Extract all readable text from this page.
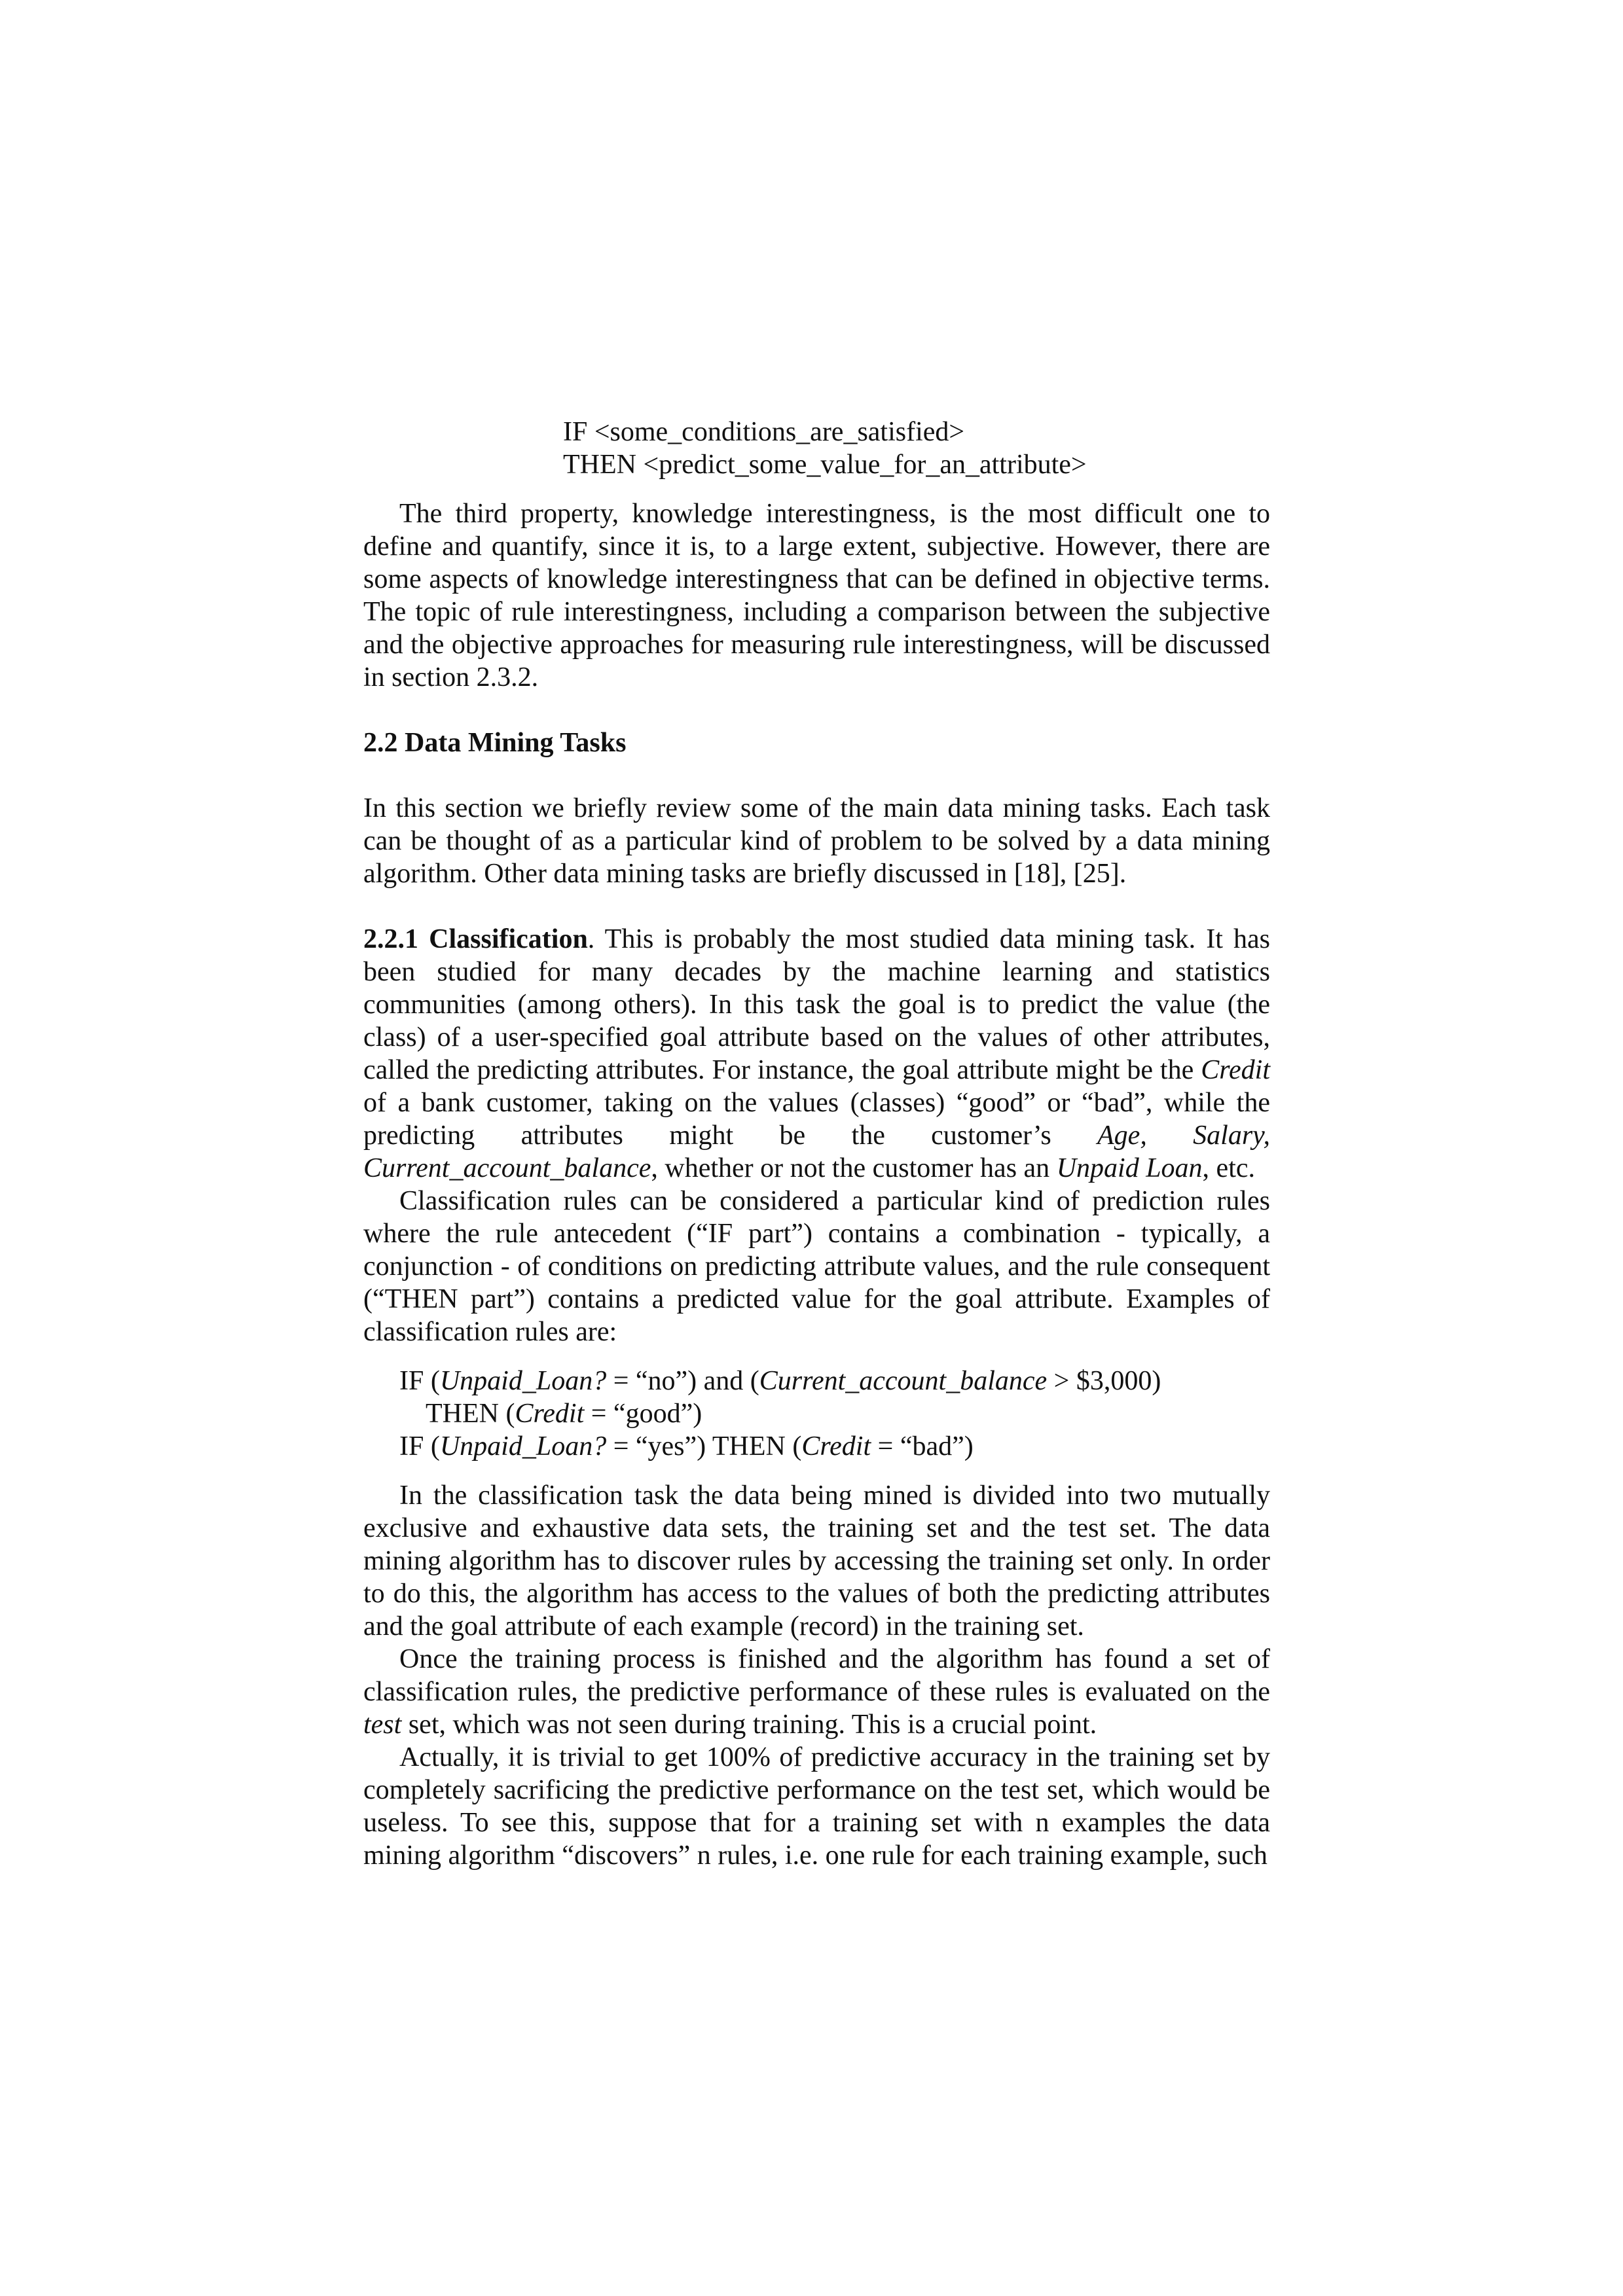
IF <some_conditions_are_satisfied>
THEN <predict_some_value_for_an_attribute>

The third property, knowledge interestingness, is the most difficult one to define and quantify, since it is, to a large extent, subjective. However, there are some aspects of knowledge interestingness that can be defined in objective terms. The topic of rule interestingness, including a comparison between the subjective and the objective approaches for measuring rule interestingness, will be discussed in section 2.3.2.

2.2 Data Mining Tasks

In this section we briefly review some of the main data mining tasks. Each task can be thought of as a particular kind of problem to be solved by a data mining algorithm. Other data mining tasks are briefly discussed in [18], [25].

2.2.1 Classification. This is probably the most studied data mining task. It has been studied for many decades by the machine learning and statistics communities (among others). In this task the goal is to predict the value (the class) of a user-specified goal attribute based on the values of other attributes, called the predicting attributes. For instance, the goal attribute might be the Credit of a bank customer, taking on the values (classes) “good” or “bad”, while the predicting attributes might be the customer’s Age, Salary, Current_account_balance, whether or not the customer has an Unpaid Loan, etc.

Classification rules can be considered a particular kind of prediction rules where the rule antecedent (“IF part”) contains a combination - typically, a conjunction - of conditions on predicting attribute values, and the rule consequent (“THEN part”) contains a predicted value for the goal attribute. Examples of classification rules are:

IF (Unpaid_Loan? = “no”) and (Current_account_balance > $3,000)
THEN (Credit = “good”)
IF (Unpaid_Loan? = “yes”) THEN (Credit = “bad”)

In the classification task the data being mined is divided into two mutually exclusive and exhaustive data sets, the training set and the test set. The data mining algorithm has to discover rules by accessing the training set only. In order to do this, the algorithm has access to the values of both the predicting attributes and the goal attribute of each example (record) in the training set.

Once the training process is finished and the algorithm has found a set of classification rules, the predictive performance of these rules is evaluated on the test set, which was not seen during training. This is a crucial point.

Actually, it is trivial to get 100% of predictive accuracy in the training set by completely sacrificing the predictive performance on the test set, which would be useless. To see this, suppose that for a training set with n examples the data mining algorithm “discovers” n rules, i.e. one rule for each training example, such
